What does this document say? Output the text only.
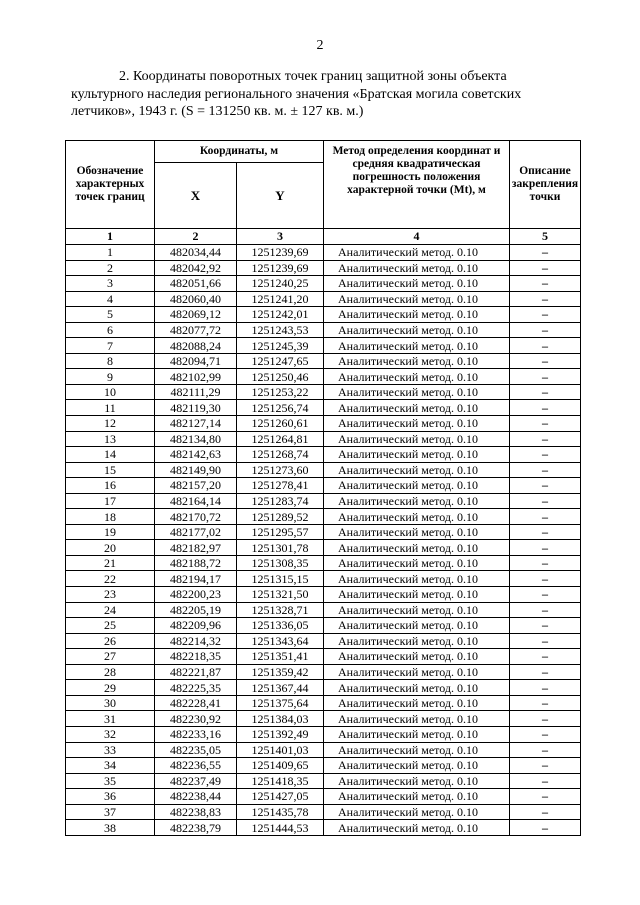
2
2. Координаты поворотных точек границ защитной зоны объекта
культурного наследия регионального значения «Братская могила советских
летчиков», 1943 г. (S = 131250 кв. м. ± 127 кв. м.)
Обозначение характерных точек границ	Координаты, м		Метод определения координат и средняя квадратическая погрешность положения характерной точки (Mt), м	Описание закрепления точки
	X	Y		
1	2	3	4	5
1	482034,44	1251239,69	Аналитический метод. 0.10	–
2	482042,92	1251239,69	Аналитический метод. 0.10	–
3	482051,66	1251240,25	Аналитический метод. 0.10	–
4	482060,40	1251241,20	Аналитический метод. 0.10	–
5	482069,12	1251242,01	Аналитический метод. 0.10	–
6	482077,72	1251243,53	Аналитический метод. 0.10	–
7	482088,24	1251245,39	Аналитический метод. 0.10	–
8	482094,71	1251247,65	Аналитический метод. 0.10	–
9	482102,99	1251250,46	Аналитический метод. 0.10	–
10	482111,29	1251253,22	Аналитический метод. 0.10	–
11	482119,30	1251256,74	Аналитический метод. 0.10	–
12	482127,14	1251260,61	Аналитический метод. 0.10	–
13	482134,80	1251264,81	Аналитический метод. 0.10	–
14	482142,63	1251268,74	Аналитический метод. 0.10	–
15	482149,90	1251273,60	Аналитический метод. 0.10	–
16	482157,20	1251278,41	Аналитический метод. 0.10	–
17	482164,14	1251283,74	Аналитический метод. 0.10	–
18	482170,72	1251289,52	Аналитический метод. 0.10	–
19	482177,02	1251295,57	Аналитический метод. 0.10	–
20	482182,97	1251301,78	Аналитический метод. 0.10	–
21	482188,72	1251308,35	Аналитический метод. 0.10	–
22	482194,17	1251315,15	Аналитический метод. 0.10	–
23	482200,23	1251321,50	Аналитический метод. 0.10	–
24	482205,19	1251328,71	Аналитический метод. 0.10	–
25	482209,96	1251336,05	Аналитический метод. 0.10	–
26	482214,32	1251343,64	Аналитический метод. 0.10	–
27	482218,35	1251351,41	Аналитический метод. 0.10	–
28	482221,87	1251359,42	Аналитический метод. 0.10	–
29	482225,35	1251367,44	Аналитический метод. 0.10	–
30	482228,41	1251375,64	Аналитический метод. 0.10	–
31	482230,92	1251384,03	Аналитический метод. 0.10	–
32	482233,16	1251392,49	Аналитический метод. 0.10	–
33	482235,05	1251401,03	Аналитический метод. 0.10	–
34	482236,55	1251409,65	Аналитический метод. 0.10	–
35	482237,49	1251418,35	Аналитический метод. 0.10	–
36	482238,44	1251427,05	Аналитический метод. 0.10	–
37	482238,83	1251435,78	Аналитический метод. 0.10	–
38	482238,79	1251444,53	Аналитический метод. 0.10	–
